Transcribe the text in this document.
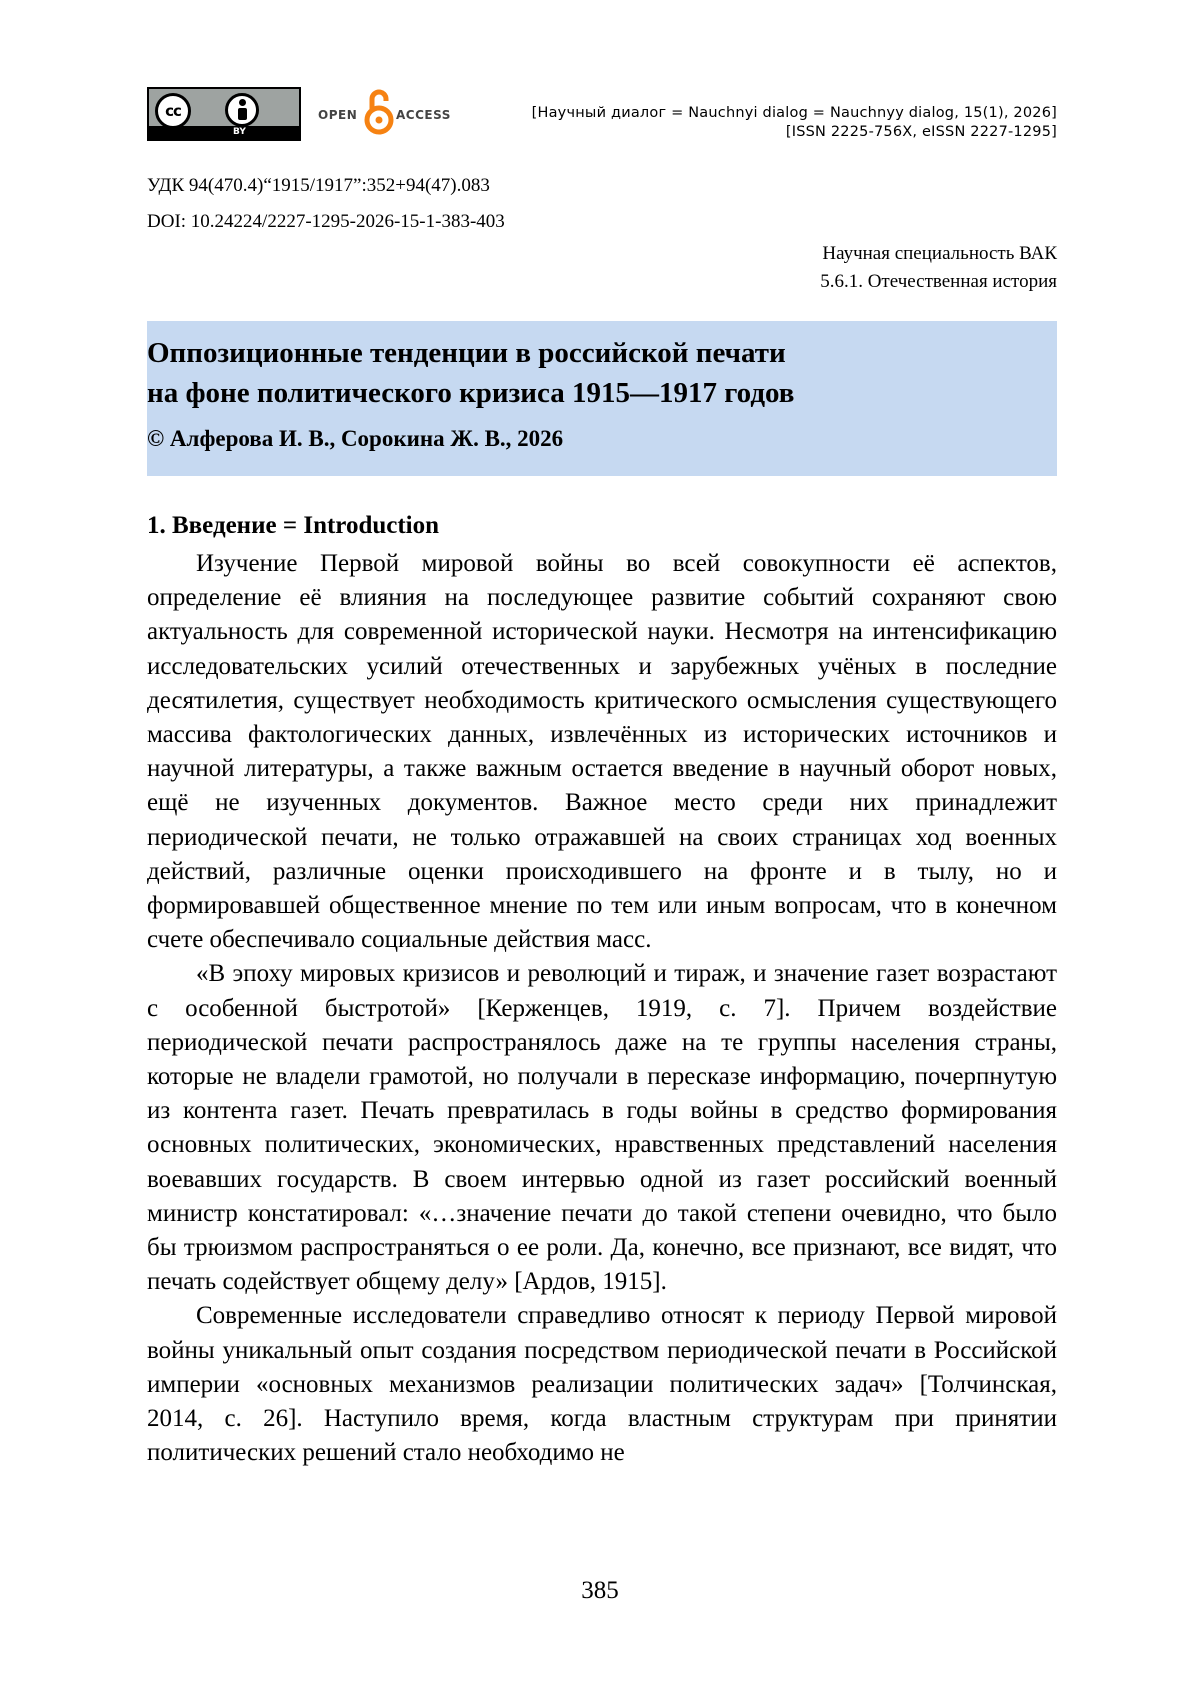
cc
BY
OPEN	ACCESS	[Научный диалог = Nauchnyi dialog = Nauchnyy dialog, 15(1), 2026]
[ISSN 2225-756X, eISSN 2227-1295]
УДК 94(470.4)“1915/1917”:352+94(47).083
DOI: 10.24224/2227-1295-2026-15-1-383-403
Научная специальность ВАК
5.6.1. Отечественная история
Оппозиционные тенденции в российской печати
на фоне политического кризиса 1915—1917 годов
© Алферова И. В., Сорокина Ж. В., 2026
1. Введение = Introduction

Изучение Первой мировой войны во всей совокупности её аспектов, определение её влияния на последующее развитие событий сохраняют свою актуальность для современной исторической науки. Несмотря на интенсификацию исследовательских усилий отечественных и зарубежных учёных в последние десятилетия, существует необходимость критического осмысления существующего массива фактологических данных, извлечённых из исторических источников и научной литературы, а также важным остается введение в научный оборот новых, ещё не изученных документов. Важное место среди них принадлежит периодической печати, не только отражавшей на своих страницах ход военных действий, различные оценки происходившего на фронте и в тылу, но и формировавшей общественное мнение по тем или иным вопросам, что в конечном счете обеспечивало социальные действия масс.

«В эпоху мировых кризисов и революций и тираж, и значение газет возрастают с особенной быстротой» [Керженцев, 1919, с. 7]. Причем воздействие периодической печати распространялось даже на те группы населения страны, которые не владели грамотой, но получали в пересказе информацию, почерпнутую из контента газет. Печать превратилась в годы войны в средство формирования основных политических, экономических, нравственных представлений населения воевавших государств. В своем интервью одной из газет российский военный министр констатировал: «…значение печати до такой степени очевидно, что было бы трюизмом распространяться о ее роли. Да, конечно, все признают, все видят, что печать содействует общему делу» [Ардов, 1915].

Современные исследователи справедливо относят к периоду Первой мировой войны уникальный опыт создания посредством периодической печати в Российской империи «основных механизмов реализации политических задач» [Толчинская, 2014, с. 26]. Наступило время, когда властным структурам при принятии политических решений стало необходимо не

385
